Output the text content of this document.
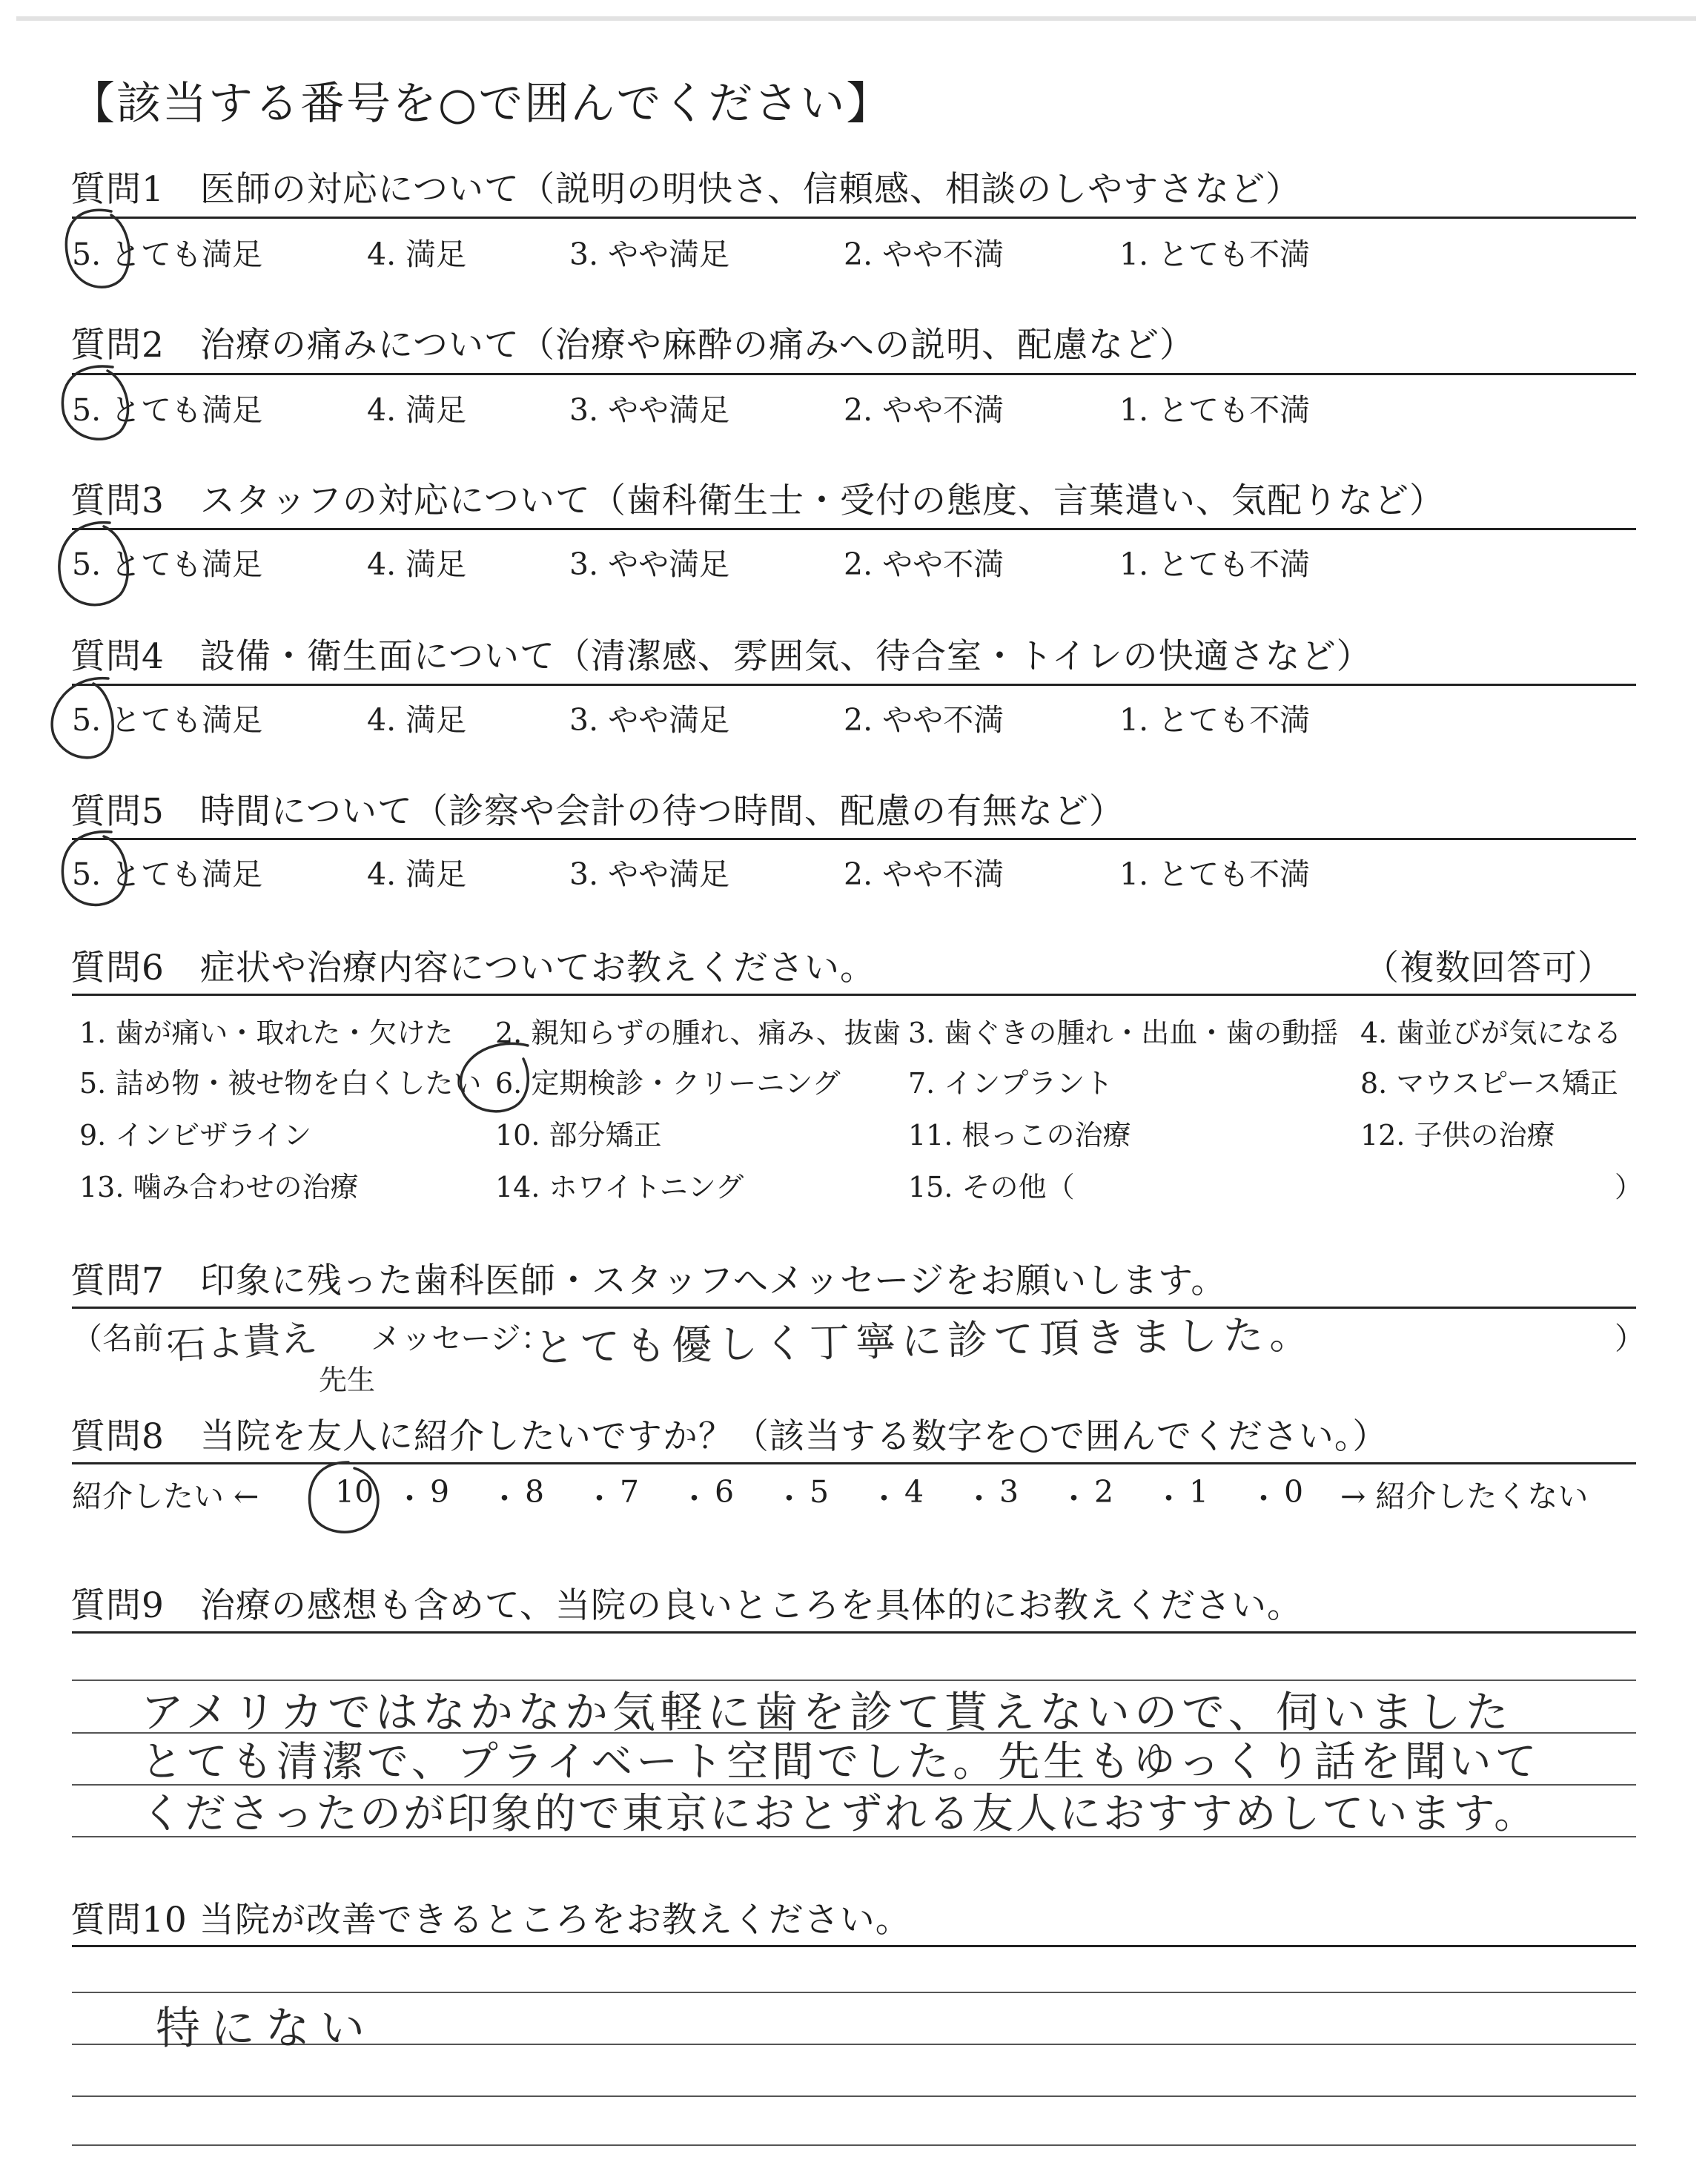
【該当する番号を○で囲んでください】
質問1　医師の対応について（説明の明快さ、信頼感、相談のしやすさなど）
5. とても満足	4. 満足	3. やや満足	2. やや不満	1. とても不満
質問2　治療の痛みについて（治療や麻酔の痛みへの説明、配慮など）
5. とても満足	4. 満足	3. やや満足	2. やや不満	1. とても不満
質問3　スタッフの対応について（歯科衛生士・受付の態度、言葉遣い、気配りなど）
5. とても満足	4. 満足	3. やや満足	2. やや不満	1. とても不満
質問4　設備・衛生面について（清潔感、雰囲気、待合室・トイレの快適さなど）
5. とても満足	4. 満足	3. やや満足	2. やや不満	1. とても不満
質問5　時間について（診察や会計の待つ時間、配慮の有無など）
5. とても満足	4. 満足	3. やや満足	2. やや不満	1. とても不満
質問6　症状や治療内容についてお教えください。	（複数回答可）
1. 歯が痛い・取れた・欠けた 2. 親知らずの腫れ、痛み、抜歯 3. 歯ぐきの腫れ・出血・歯の動揺 4. 歯並びが気になる
5. 詰め物・被せ物を白くしたい 6. 定期検診・クリーニング 7. インプラント	8. マウスピース矯正
9. インビザライン	10. 部分矯正	11. 根っこの治療	12. 子供の治療
13. 噛み合わせの治療	14. ホワイトニング	15. その他（	）
質問7　印象に残った歯科医師・スタッフへメッセージをお願いします。
（名前：
石よ貴え
先生
メッセージ：
とても優しく丁寧に診て頂きました。	）
質問8　当院を友人に紹介したいですか？（該当する数字を○で囲んでください。）
紹介したい ←	10 ・ 9 ・ 8 ・ 7 ・ 6 ・ 5 ・ 4 ・ 3 ・ 2 ・ 1 ・ 0 → 紹介したくない
質問9　治療の感想も含めて、当院の良いところを具体的にお教えください。
アメリカではなかなか気軽に歯を診て貰えないので、伺いました
とても清潔で、プライベート空間でした。先生もゆっくり話を聞いて
くださったのが印象的で東京におとずれる友人におすすめしています。
質問10 当院が改善できるところをお教えください。
特にない
